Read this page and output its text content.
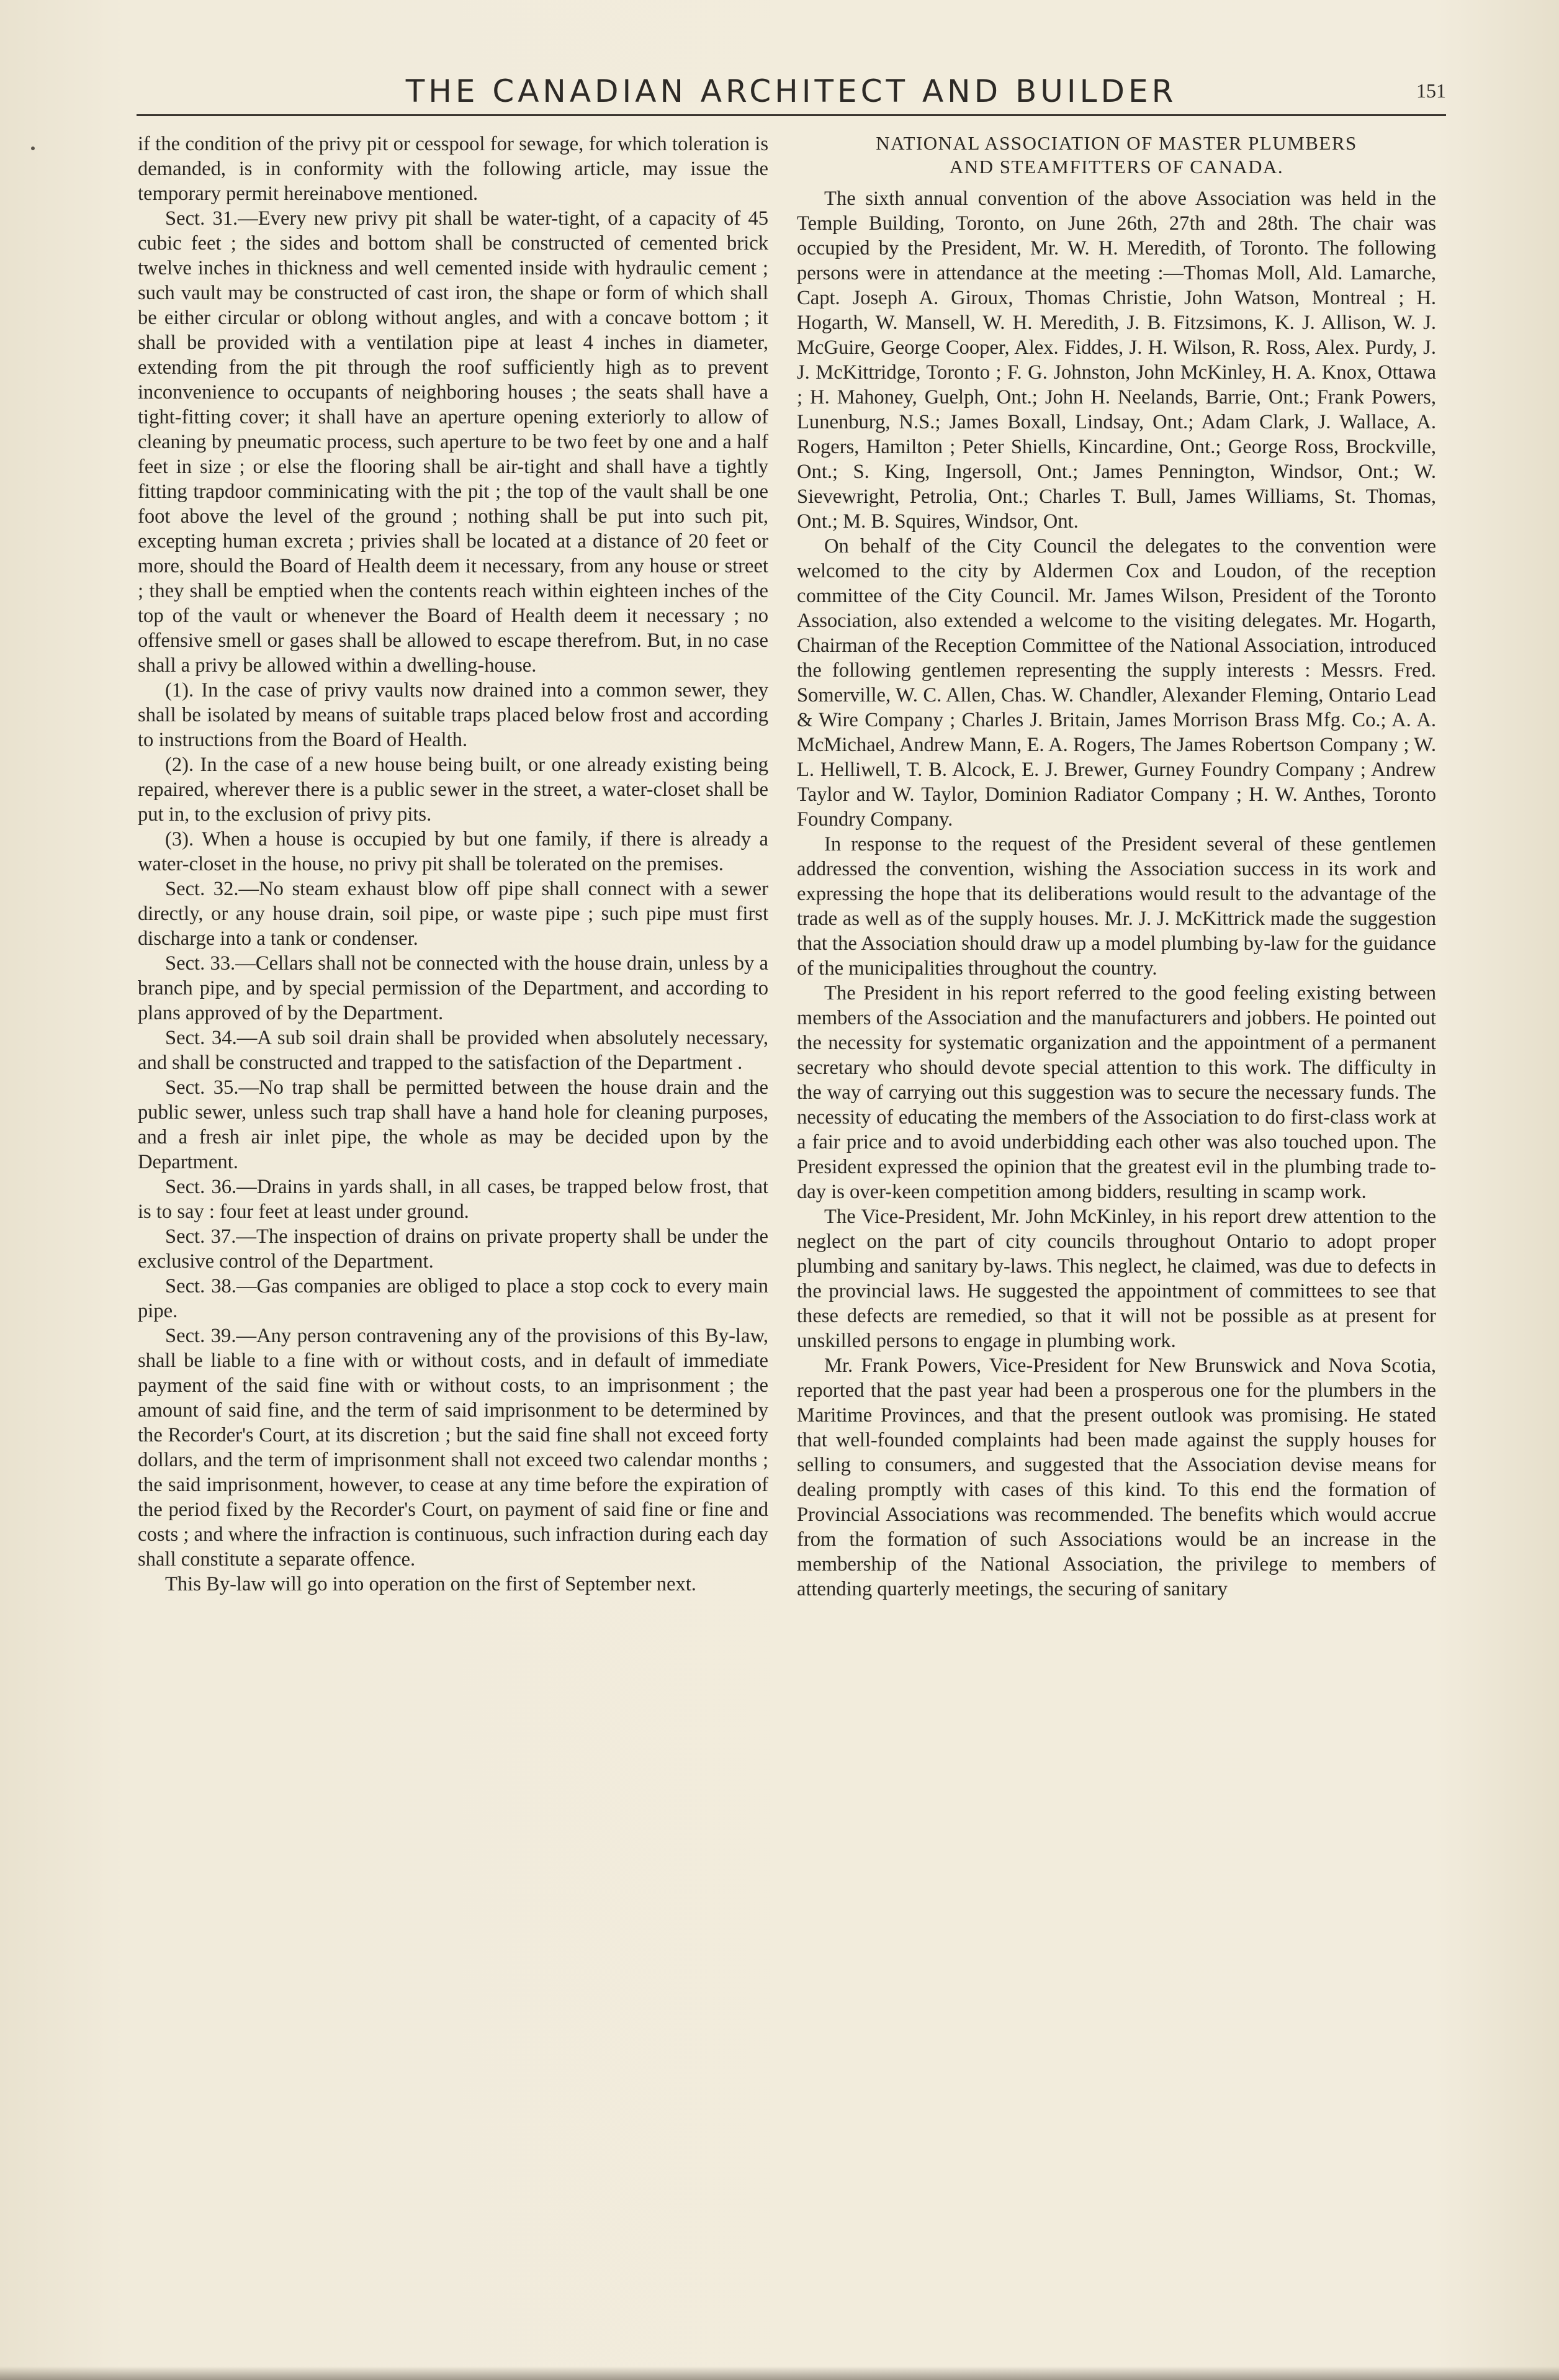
THE CANADIAN ARCHITECT AND BUILDER	151

if the condition of the privy pit or cesspool for sewage, for which toleration is demanded, is in conformity with the following article, may issue the temporary permit hereinabove mentioned.

Sect. 31.—Every new privy pit shall be water-tight, of a capacity of 45 cubic feet ; the sides and bottom shall be constructed of cemented brick twelve inches in thickness and well cemented inside with hydraulic cement ; such vault may be constructed of cast iron, the shape or form of which shall be either circular or oblong without angles, and with a concave bottom ; it shall be provided with a ventilation pipe at least 4 inches in diameter, extending from the pit through the roof sufficiently high as to prevent inconvenience to occupants of neighboring houses ; the seats shall have a tight-fitting cover; it shall have an aperture opening exteriorly to allow of cleaning by pneumatic process, such aperture to be two feet by one and a half feet in size ; or else the flooring shall be air-tight and shall have a tightly fitting trapdoor comminicating with the pit ; the top of the vault shall be one foot above the level of the ground ; nothing shall be put into such pit, excepting human excreta ; privies shall be located at a distance of 20 feet or more, should the Board of Health deem it necessary, from any house or street ; they shall be emptied when the contents reach within eighteen inches of the top of the vault or whenever the Board of Health deem it necessary ; no offensive smell or gases shall be allowed to escape therefrom. But, in no case shall a privy be allowed within a dwelling-house.

(1). In the case of privy vaults now drained into a common sewer, they shall be isolated by means of suitable traps placed below frost and according to instructions from the Board of Health.

(2). In the case of a new house being built, or one already existing being repaired, wherever there is a public sewer in the street, a water-closet shall be put in, to the exclusion of privy pits.

(3). When a house is occupied by but one family, if there is already a water-closet in the house, no privy pit shall be tolerated on the premises.

Sect. 32.—No steam exhaust blow off pipe shall connect with a sewer directly, or any house drain, soil pipe, or waste pipe ; such pipe must first discharge into a tank or condenser.

Sect. 33.—Cellars shall not be connected with the house drain, unless by a branch pipe, and by special permission of the Department, and according to plans approved of by the Department.

Sect. 34.—A sub soil drain shall be provided when absolutely necessary, and shall be constructed and trapped to the satisfaction of the Department .

Sect. 35.—No trap shall be permitted between the house drain and the public sewer, unless such trap shall have a hand hole for cleaning purposes, and a fresh air inlet pipe, the whole as may be decided upon by the Department.

Sect. 36.—Drains in yards shall, in all cases, be trapped below frost, that is to say : four feet at least under ground.

Sect. 37.—The inspection of drains on private property shall be under the exclusive control of the Department.

Sect. 38.—Gas companies are obliged to place a stop cock to every main pipe.

Sect. 39.—Any person contravening any of the provisions of this By-law, shall be liable to a fine with or without costs, and in default of immediate payment of the said fine with or without costs, to an imprisonment ; the amount of said fine, and the term of said imprisonment to be determined by the Recorder's Court, at its discretion ; but the said fine shall not exceed forty dollars, and the term of imprisonment shall not exceed two calendar months ; the said imprisonment, however, to cease at any time before the expiration of the period fixed by the Recorder's Court, on payment of said fine or fine and costs ; and where the infraction is continuous, such infraction during each day shall constitute a separate offence.

This By-law will go into operation on the first of September next.

NATIONAL ASSOCIATION OF MASTER PLUMBERS
AND STEAMFITTERS OF CANADA.

The sixth annual convention of the above Association was held in the Temple Building, Toronto, on June 26th, 27th and 28th. The chair was occupied by the President, Mr. W. H. Meredith, of Toronto. The following persons were in attendance at the meeting :—Thomas Moll, Ald. Lamarche, Capt. Joseph A. Giroux, Thomas Christie, John Watson, Montreal ; H. Hogarth, W. Mansell, W. H. Meredith, J. B. Fitzsimons, K. J. Allison, W. J. McGuire, George Cooper, Alex. Fiddes, J. H. Wilson, R. Ross, Alex. Purdy, J. J. McKittridge, Toronto ; F. G. Johnston, John McKinley, H. A. Knox, Ottawa ; H. Mahoney, Guelph, Ont.; John H. Neelands, Barrie, Ont.; Frank Powers, Lunenburg, N.S.; James Boxall, Lindsay, Ont.; Adam Clark, J. Wallace, A. Rogers, Hamilton ; Peter Shiells, Kincardine, Ont.; George Ross, Brockville, Ont.; S. King, Ingersoll, Ont.; James Pennington, Windsor, Ont.; W. Sievewright, Petrolia, Ont.; Charles T. Bull, James Williams, St. Thomas, Ont.; M. B. Squires, Windsor, Ont.

On behalf of the City Council the delegates to the convention were welcomed to the city by Aldermen Cox and Loudon, of the reception committee of the City Council. Mr. James Wilson, President of the Toronto Association, also extended a welcome to the visiting delegates. Mr. Hogarth, Chairman of the Reception Committee of the National Association, introduced the following gentlemen representing the supply interests : Messrs. Fred. Somerville, W. C. Allen, Chas. W. Chandler, Alexander Fleming, Ontario Lead & Wire Company ; Charles J. Britain, James Morrison Brass Mfg. Co.; A. A. McMichael, Andrew Mann, E. A. Rogers, The James Robertson Company ; W. L. Helliwell, T. B. Alcock, E. J. Brewer, Gurney Foundry Company ; Andrew Taylor and W. Taylor, Dominion Radiator Company ; H. W. Anthes, Toronto Foundry Company.

In response to the request of the President several of these gentlemen addressed the convention, wishing the Association success in its work and expressing the hope that its deliberations would result to the advantage of the trade as well as of the supply houses. Mr. J. J. McKittrick made the suggestion that the Association should draw up a model plumbing by-law for the guidance of the municipalities throughout the country.

The President in his report referred to the good feeling existing between members of the Association and the manufacturers and jobbers. He pointed out the necessity for systematic organization and the appointment of a permanent secretary who should devote special attention to this work. The difficulty in the way of carrying out this suggestion was to secure the necessary funds. The necessity of educating the members of the Association to do first-class work at a fair price and to avoid underbidding each other was also touched upon. The President expressed the opinion that the greatest evil in the plumbing trade to-day is over-keen competition among bidders, resulting in scamp work.

The Vice-President, Mr. John McKinley, in his report drew attention to the neglect on the part of city councils throughout Ontario to adopt proper plumbing and sanitary by-laws. This neglect, he claimed, was due to defects in the provincial laws. He suggested the appointment of committees to see that these defects are remedied, so that it will not be possible as at present for unskilled persons to engage in plumbing work.

Mr. Frank Powers, Vice-President for New Brunswick and Nova Scotia, reported that the past year had been a prosperous one for the plumbers in the Maritime Provinces, and that the present outlook was promising. He stated that well-founded complaints had been made against the supply houses for selling to consumers, and suggested that the Association devise means for dealing promptly with cases of this kind. To this end the formation of Provincial Associations was recommended. The benefits which would accrue from the formation of such Associations would be an increase in the membership of the National Association, the privilege to members of attending quarterly meetings, the securing of sanitary
